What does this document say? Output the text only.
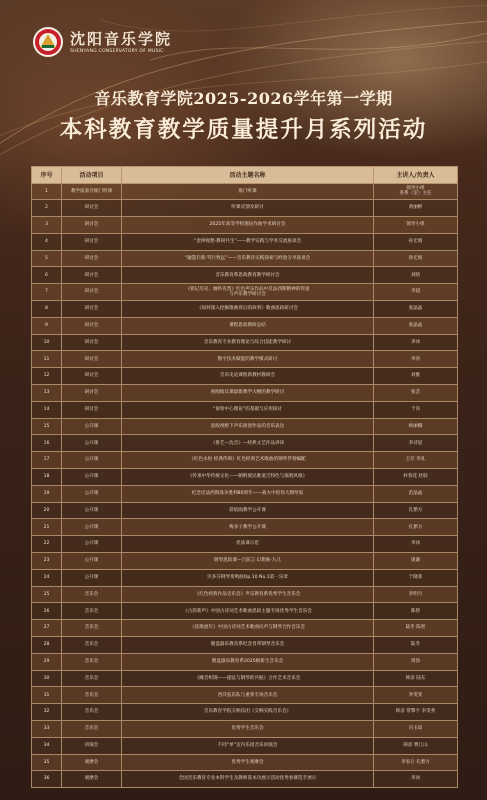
沈阳音乐学院
SHENYANG CONSERVATORY OF MUSIC
音乐教育学院2025-2026学年第一学期
本科教育教学质量提升月系列活动
序号	活动项目	活动主题名称	主讲人/负责人

1	教学质量月推门听课	推门听课	领导小组
各系（室）主任

2	研讨会	听课反馈及研讨	黄丽彬

3	研讨会	2025年高等学校理论作曲学术研讨会	领导小组

4	研讨会	“金钟观想·教研共生”——教学实践与学术交流座谈会	孙宏娟

5	研讨会	“融慧启新·笃行致远”——音乐教育实践探索与经验分享座谈会	孙宏娟

6	研讨会	音乐教育系思政教育教学研讨会	刘晗

7	研讨会	《铭记历史、缅怀先烈》红色声乐作品中反法西斯精神的传递
与声乐教学研讨会	李超

8	研讨会	《如何深入挖掘歌曲背后的故事》歌曲思政研讨会	张晶晶

9	研讨会	课程思政教研总结	张晶晶

10	研讨会	音乐教育专业教育理论与综合技能教学研讨	李冰

11	研讨会	数字技术赋能的教学模式研讨	李涛

12	研讨会	音乐史论课程新教材教研会	刘雅

13	研讨会	视唱练耳课最新教学大纲的教学研讨	张芸

14	研讨会	“视奏中心理论”的基础与应用探讨	于泽

15	公开课	思政视野下声乐原创作品的音乐表达	杨丽娜

16	公开课	《鲁艺—沈音》—经典文艺作品讲译	李诗思

17	公开课	《红色永恒 经典传颂》红色经典艺术歌曲的钢琴伴奏编配	王仔 李礼

18	公开课	《传承中华传统文化——朝鲜族民歌道吉特色与演唱风格》	朴春花 杜联

19	公开课	纪念反法西斯战争胜利80周年——战火中的伟大钢琴家	范晶晶

20	公开课	彩焰曲教学公开课	孔繁方

21	公开课	梅多子教学公开课	孔繁方

22	公开课	优质课示范	李冰

23	公开课	钢琴思政课—吕前言 幻想曲·九儿	康谦

24	公开课	贝多芬钢琴奏鸣曲Op.10 No.1第一乐章	于晓菲

25	音乐会	《红色经典作品音乐会》声乐教育系优秀学生音乐会	李明月

26	音乐会	《古韵新声》中国古诗词艺术歌曲思政主题专场优秀学生音乐会	陈智

27	音乐会	《弦歌流年》中国古诗词艺术歌曲民声与钢琴合作音乐会	陆冬 陈智

28	音乐会	键盘器乐教育系纪念肖邦钢琴音乐会	陆冬

29	音乐会	键盘器乐教育系2025级新生音乐会	周劼

30	音乐会	《睡音织锦——提弦与钢琴的共振》合作艺术音乐会	韩彦 陆东

31	音乐会	西洋弦乐队与重奏专场音乐会	李雯雯

32	音乐会	音乐教育学院交响乐团《交响实践音乐会》	韩彦 常擎宇 李雯秀

33	音乐会	优秀学生音乐会	冯玉琼

34	讲演会	不同“单”室内乐团音乐讲演会	韩彦 曹江山

35	观摩会	优秀学生观摩会	李家仑 孔繁方

36	观摩会	全国音乐教育专业本科学生及教师基本功展示活动优秀参赛选手展示	李冰
